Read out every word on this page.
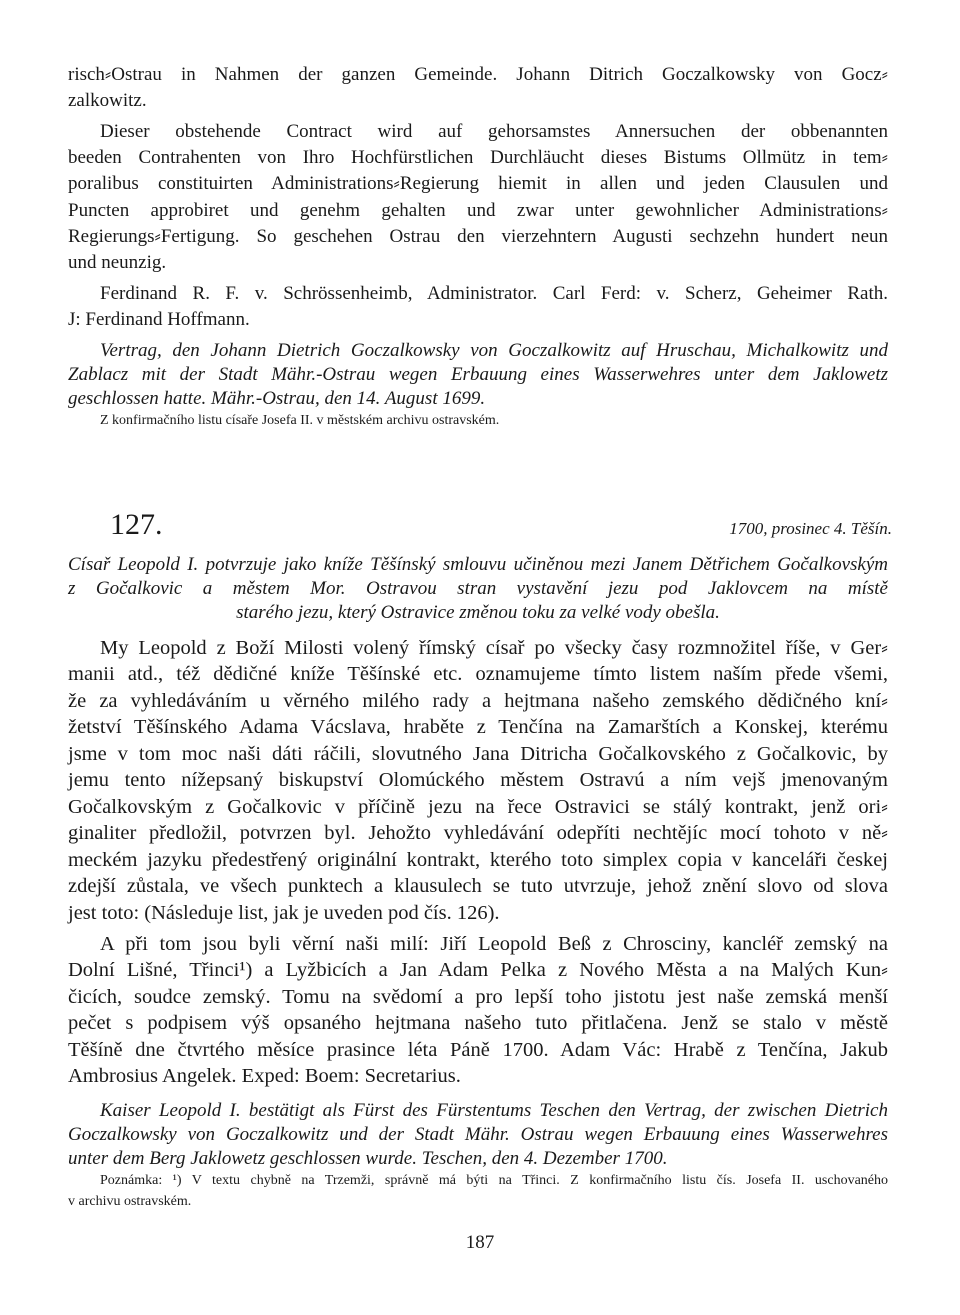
risch⸗Ostrau in Nahmen der ganzen Gemeinde. Johann Ditrich Goczalkowsky von Gocz⸗
zalkowitz.
Dieser obstehende Contract wird auf gehorsamstes Annersuchen der obbenannten
beeden Contrahenten von Ihro Hochfürstlichen Durchläucht dieses Bistums Ollmütz in tem⸗
poralibus constituirten Administrations⸗Regierung hiemit in allen und jeden Clausulen und
Puncten approbiret und genehm gehalten und zwar unter gewohnlicher Administrations⸗
Regierungs⸗Fertigung. So geschehen Ostrau den vierzehntern Augusti sechzehn hundert neun
und neunzig.
Ferdinand R. F. v. Schrössenheimb, Administrator. Carl Ferd: v. Scherz, Geheimer Rath.
J: Ferdinand Hoffmann.
Vertrag, den Johann Dietrich Goczalkowsky von Goczalkowitz auf Hruschau, Michalkowitz und
Zablacz mit der Stadt Mähr.-Ostrau wegen Erbauung eines Wasserwehres unter dem Jaklowetz
geschlossen hatte. Mähr.-Ostrau, den 14. August 1699.
Z konfirmačního listu císaře Josefa II. v městském archivu ostravském.
127.	1700, prosinec 4. Těšín.
Císař Leopold I. potvrzuje jako kníže Těšínský smlouvu učiněnou mezi Janem Dětřichem Gočalkovským
z Gočalkovic a městem Mor. Ostravou stran vystavění jezu pod Jaklovcem na místě
starého jezu, který Ostravice změnou toku za velké vody obešla.
My Leopold z Boží Milosti volený římský císař po všecky časy rozmnožitel říše, v Ger⸗
manii atd., též dědičné kníže Těšínské etc. oznamujeme tímto listem naším přede všemi,
že za vyhledáváním u věrného milého rady a hejtmana našeho zemského dědičného kní⸗
žetství Těšínského Adama Vácslava, hraběte z Tenčína na Zamarštích a Konskej, kterému
jsme v tom moc naši dáti ráčili, slovutného Jana Ditricha Gočalkovského z Gočalkovic, by
jemu tento nížepsaný biskupství Olomúckého městem Ostravú a ním vejš jmenovaným
Gočalkovským z Gočalkovic v příčině jezu na řece Ostravici se stálý kontrakt, jenž ori⸗
ginaliter předložil, potvrzen byl. Jehožto vyhledávání odepříti nechtějíc mocí tohoto v ně⸗
meckém jazyku předestřený originální kontrakt, kterého toto simplex copia v kanceláři českej
zdejší zůstala, ve všech punktech a klausulech se tuto utvrzuje, jehož znění slovo od slova
jest toto: (Následuje list, jak je uveden pod čís. 126).
A při tom jsou byli věrní naši milí: Jiří Leopold Beß z Chrosciny, kancléř zemský na
Dolní Lišné, Třinci¹) a Lyžbicích a Jan Adam Pelka z Nového Města a na Malých Kun⸗
čicích, soudce zemský. Tomu na svědomí a pro lepší toho jistotu jest naše zemská menší
pečet s podpisem výš opsaného hejtmana našeho tuto přitlačena. Jenž se stalo v městě
Těšíně dne čtvrtého měsíce prasince léta Páně 1700. Adam Vác: Hrabě z Tenčína, Jakub
Ambrosius Angelek. Exped: Boem: Secretarius.
Kaiser Leopold I. bestätigt als Fürst des Fürstentums Teschen den Vertrag, der zwischen Dietrich
Goczalkowsky von Goczalkowitz und der Stadt Mähr. Ostrau wegen Erbauung eines Wasserwehres
unter dem Berg Jaklowetz geschlossen wurde. Teschen, den 4. Dezember 1700.
Poznámka: ¹) V textu chybně na Trzemži, správně má býti na Třinci. Z konfirmačního listu čís. Josefa II. uschovaného
v archivu ostravském.
187
